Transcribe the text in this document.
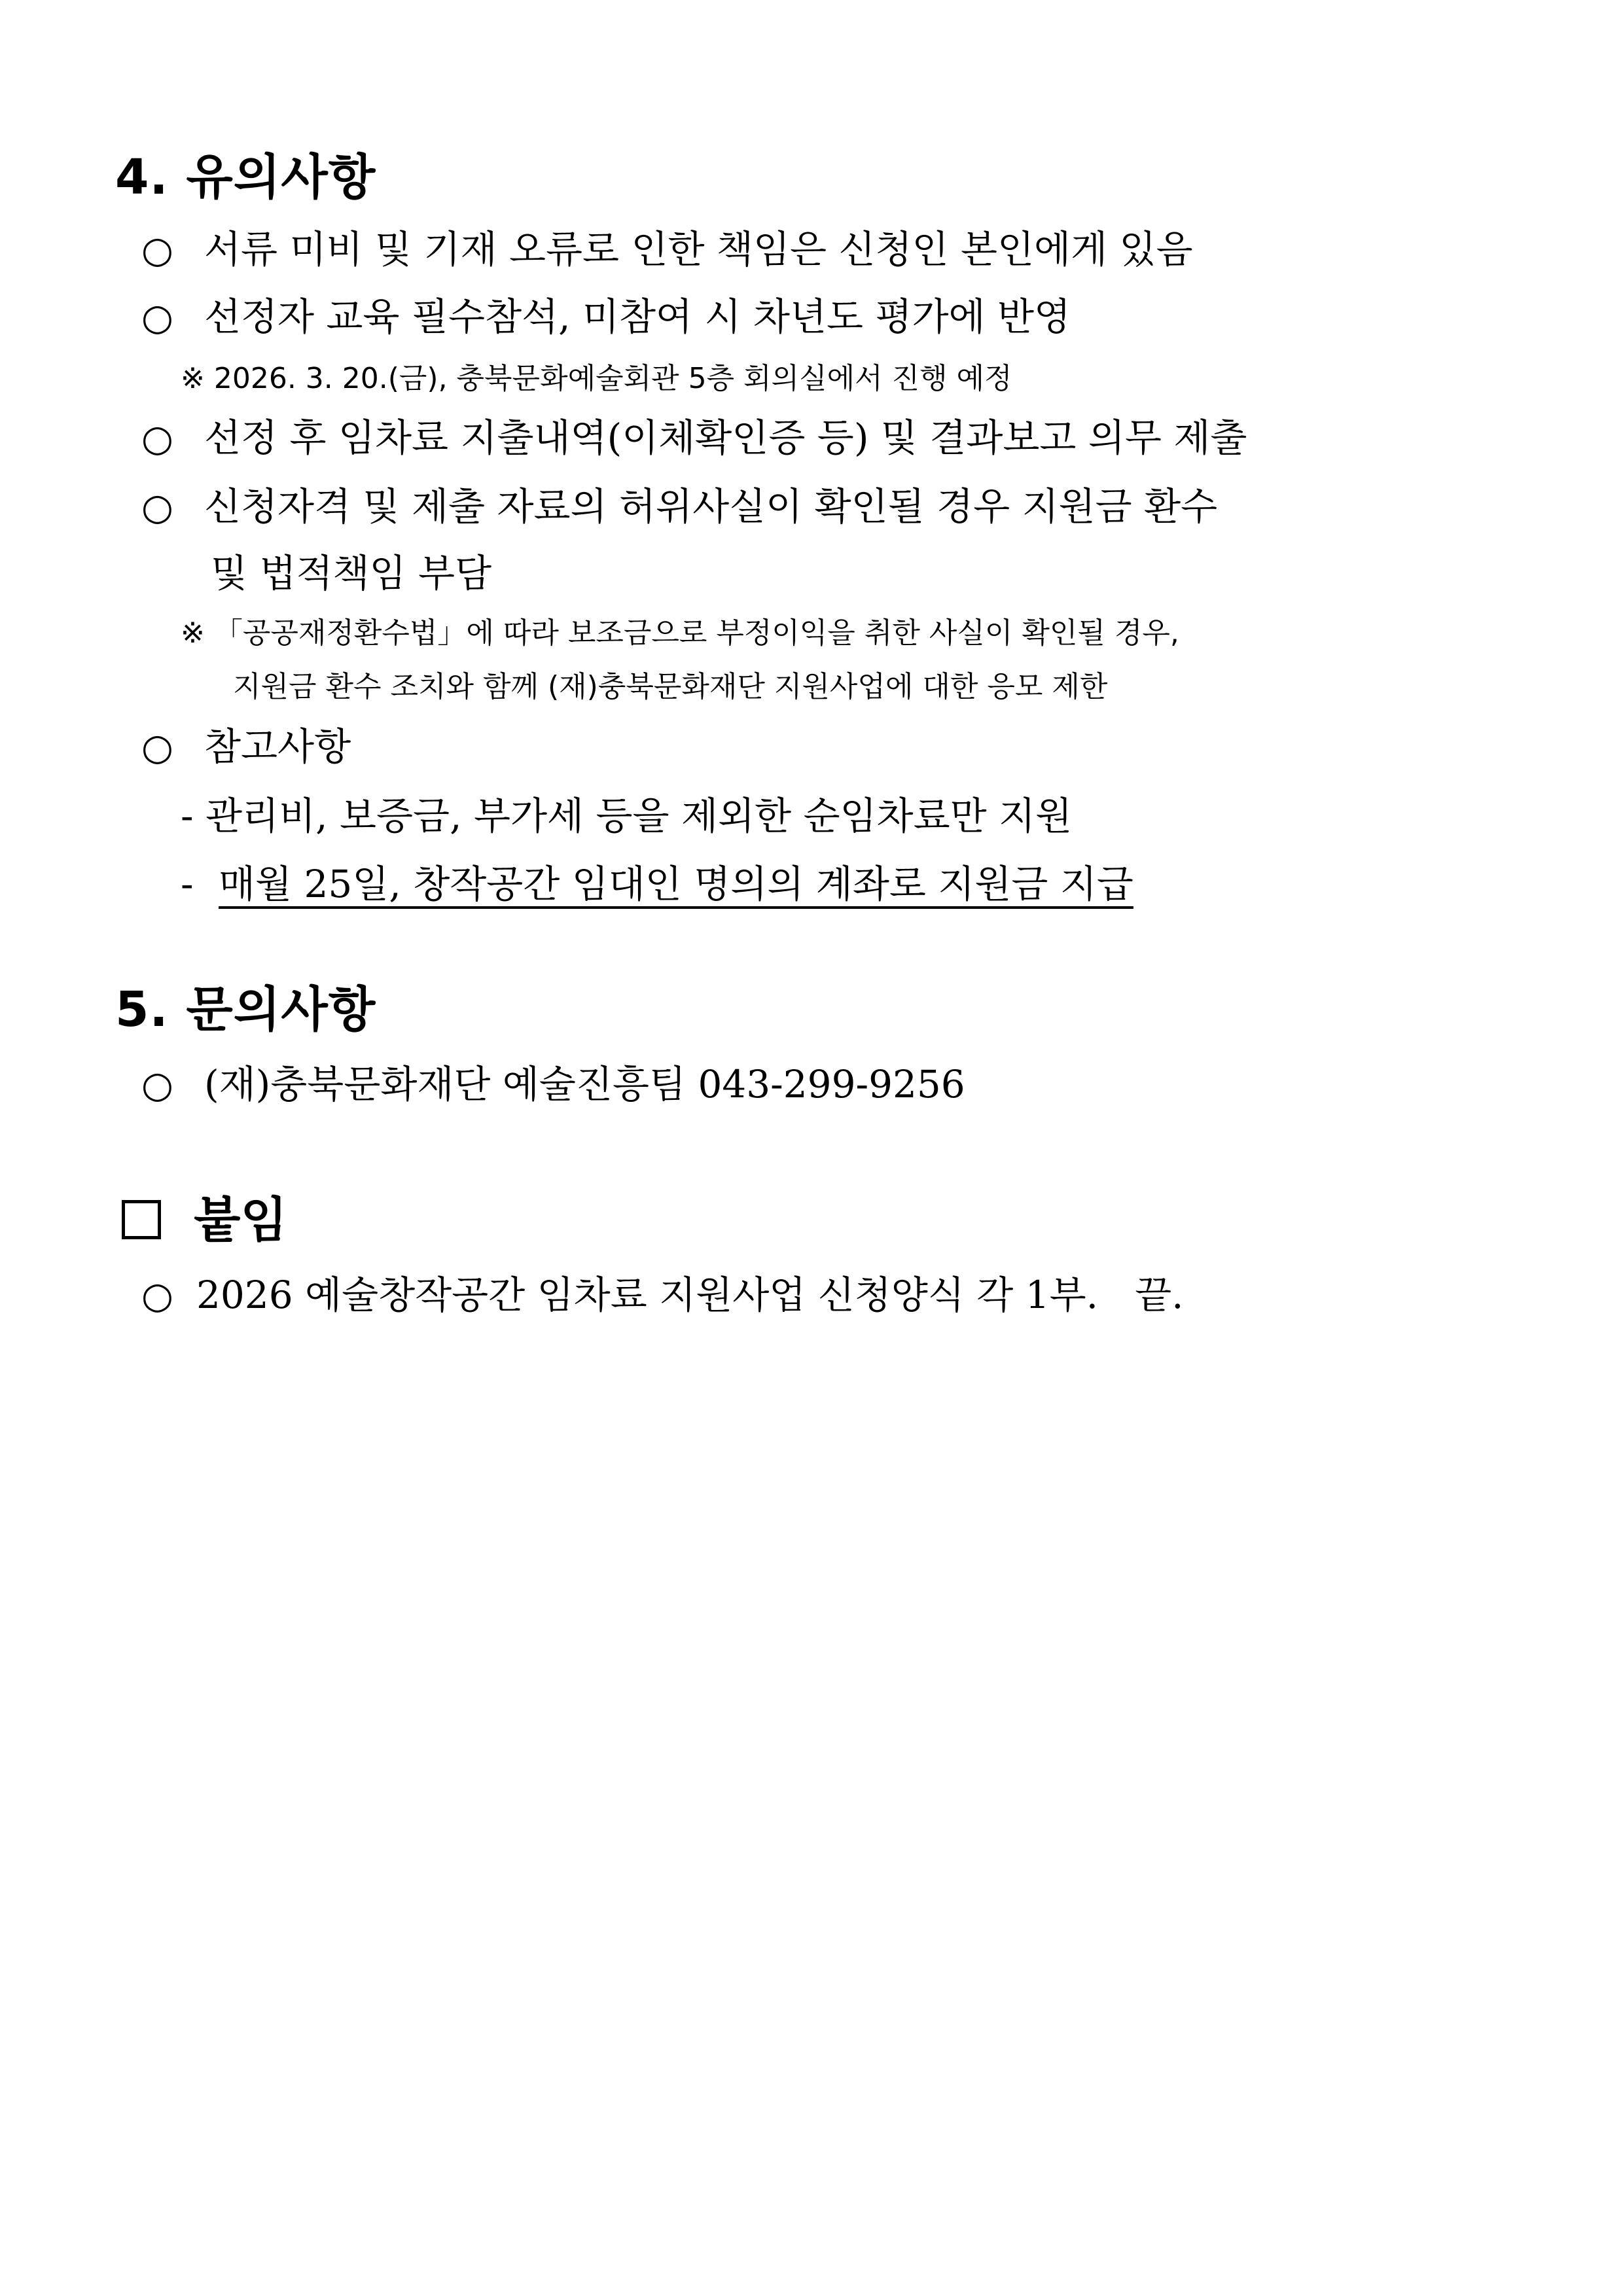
4. 유의사항
○ 서류 미비 및 기재 오류로 인한 책임은 신청인 본인에게 있음
○ 선정자 교육 필수참석, 미참여 시 차년도 평가에 반영
※ 2026. 3. 20.(금), 충북문화예술회관 5층 회의실에서 진행 예정
○ 선정 후 임차료 지출내역(이체확인증 등) 및 결과보고 의무 제출
○ 신청자격 및 제출 자료의 허위사실이 확인될 경우 지원금 환수
및 법적책임 부담
※ 「공공재정환수법」에 따라 보조금으로 부정이익을 취한 사실이 확인될 경우,
지원금 환수 조치와 함께 (재)충북문화재단 지원사업에 대한 응모 제한
○ 참고사항
- 관리비, 보증금, 부가세 등을 제외한 순임차료만 지원
- 매월 25일, 창작공간 임대인 명의의 계좌로 지원금 지급
5. 문의사항
○ (재)충북문화재단 예술진흥팀 043-299-9256
붙임
○ 2026 예술창작공간 임차료 지원사업 신청양식 각 1부. 끝.
